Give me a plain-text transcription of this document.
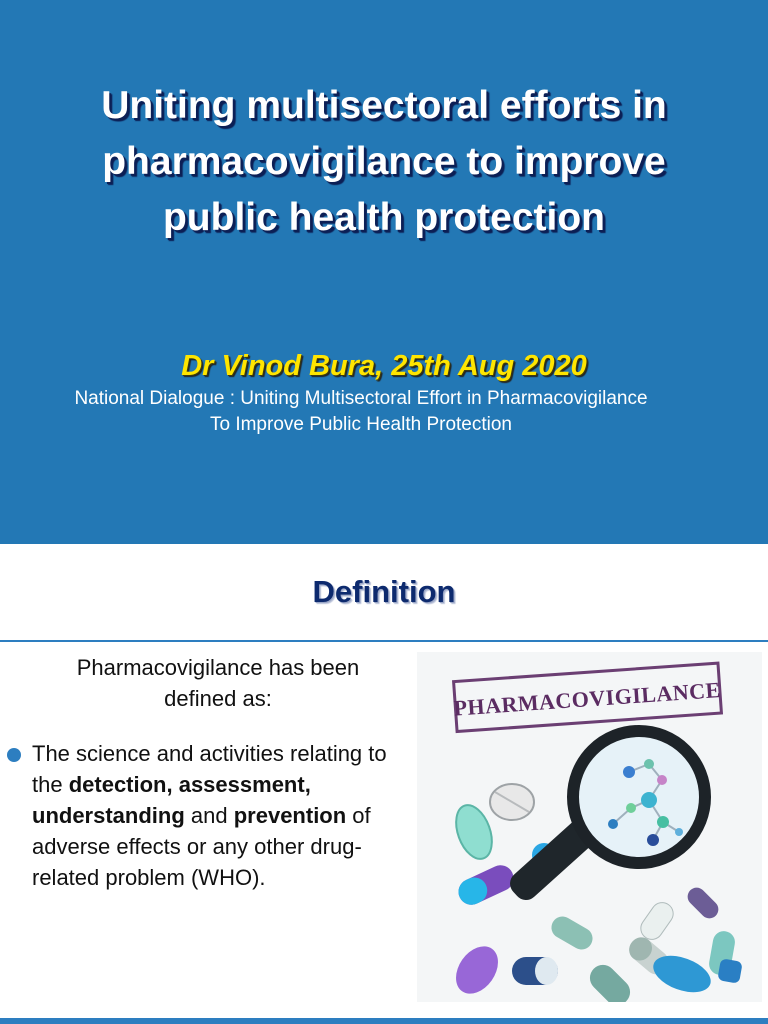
Uniting multisectoral efforts in
pharmacovigilance to improve
public health protection

Dr Vinod Bura, 25th Aug 2020

National Dialogue : Uniting Multisectoral Effort in Pharmacovigilance
To Improve Public Health Protection

Definition

Pharmacovigilance has been
defined as:

The science and activities relating to the detection, assessment, understanding and prevention of adverse effects or any other drug-related problem (WHO).

PHARMACOVIGILANCE
